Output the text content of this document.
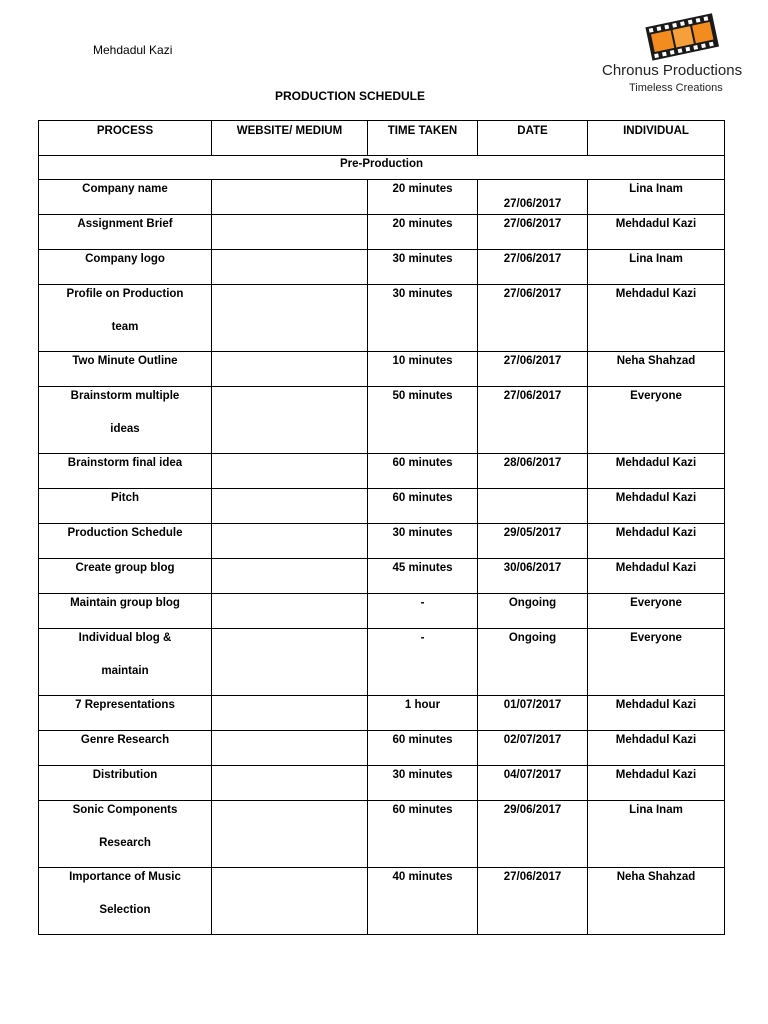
Mehdadul Kazi
Chronus Productions
Timeless Creations
PRODUCTION SCHEDULE
PROCESS	WEBSITE/ MEDIUM	TIME TAKEN	DATE	INDIVIDUAL
Pre-Production				
Company name		20 minutes	27/06/2017	Lina Inam
Assignment Brief		20 minutes	27/06/2017	Mehdadul Kazi
Company logo		30 minutes	27/06/2017	Lina Inam

Profile on Production
team		30 minutes	27/06/2017	Mehdadul Kazi
Two Minute Outline		10 minutes	27/06/2017	Neha Shahzad

Brainstorm multiple
ideas		50 minutes	27/06/2017	Everyone
Brainstorm final idea		60 minutes	28/06/2017	Mehdadul Kazi
Pitch		60 minutes		Mehdadul Kazi
Production Schedule		30 minutes	29/05/2017	Mehdadul Kazi
Create group blog		45 minutes	30/06/2017	Mehdadul Kazi
Maintain group blog		-	Ongoing	Everyone

Individual blog &
maintain		-	Ongoing	Everyone
7 Representations		1 hour	01/07/2017	Mehdadul Kazi
Genre Research		60 minutes	02/07/2017	Mehdadul Kazi
Distribution		30 minutes	04/07/2017	Mehdadul Kazi

Sonic Components
Research		60 minutes	29/06/2017	Lina Inam

Importance of Music
Selection		40 minutes	27/06/2017	Neha Shahzad
